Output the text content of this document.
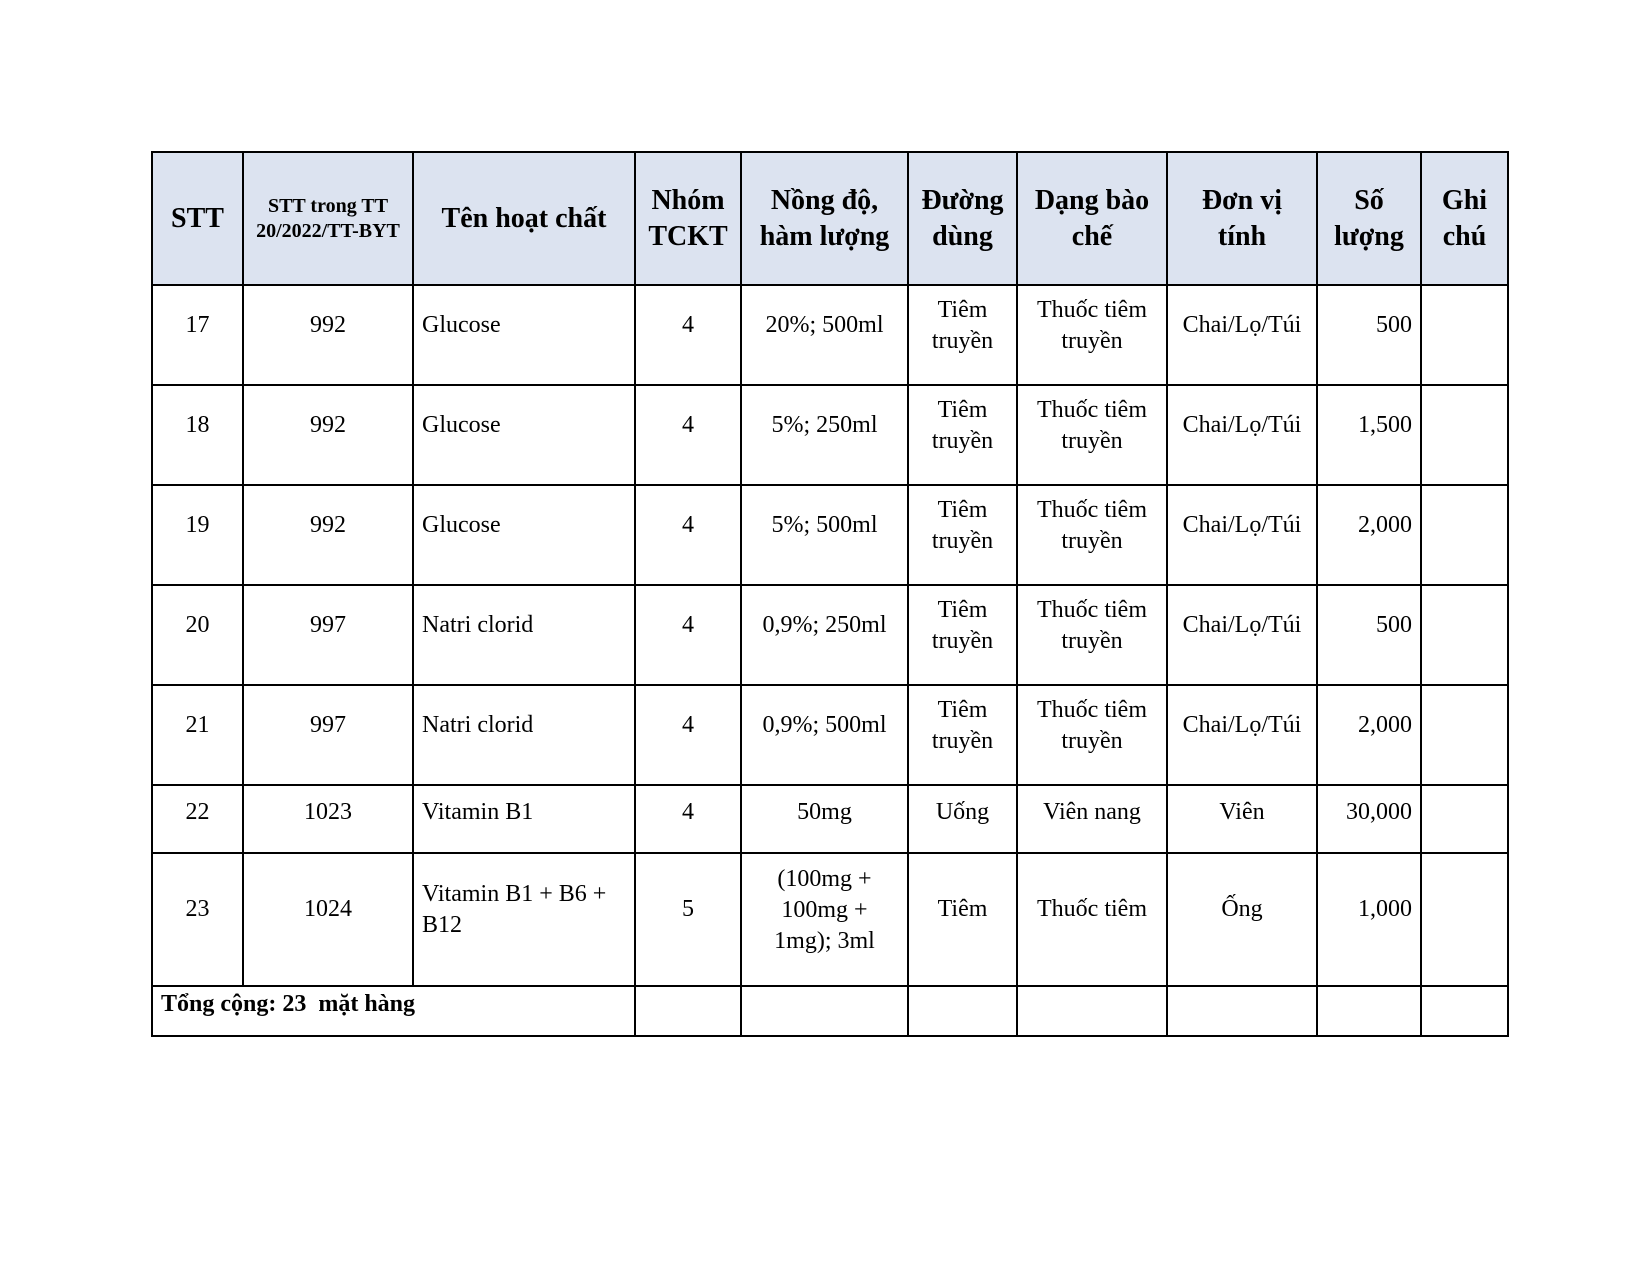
STT	STT trong TT 20/2022/TT-BYT	Tên hoạt chất	Nhóm TCKT	Nồng độ, hàm lượng	Đường dùng	Dạng bào chế	Đơn vị tính	Số lượng	Ghi chú
17	992	Glucose	4	20%; 500ml	Tiêm truyền	Thuốc tiêm truyền	Chai/Lọ/Túi	500	
18	992	Glucose	4	5%; 250ml	Tiêm truyền	Thuốc tiêm truyền	Chai/Lọ/Túi	1,500	
19	992	Glucose	4	5%; 500ml	Tiêm truyền	Thuốc tiêm truyền	Chai/Lọ/Túi	2,000	
20	997	Natri clorid	4	0,9%; 250ml	Tiêm truyền	Thuốc tiêm truyền	Chai/Lọ/Túi	500	
21	997	Natri clorid	4	0,9%; 500ml	Tiêm truyền	Thuốc tiêm truyền	Chai/Lọ/Túi	2,000	
22	1023	Vitamin B1	4	50mg	Uống	Viên nang	Viên	30,000	
23	1024	Vitamin B1 + B6 + B12	5	(100mg + 100mg + 1mg); 3ml	Tiêm	Thuốc tiêm	Ống	1,000	
Tổng cộng: 23  mặt hàng									
